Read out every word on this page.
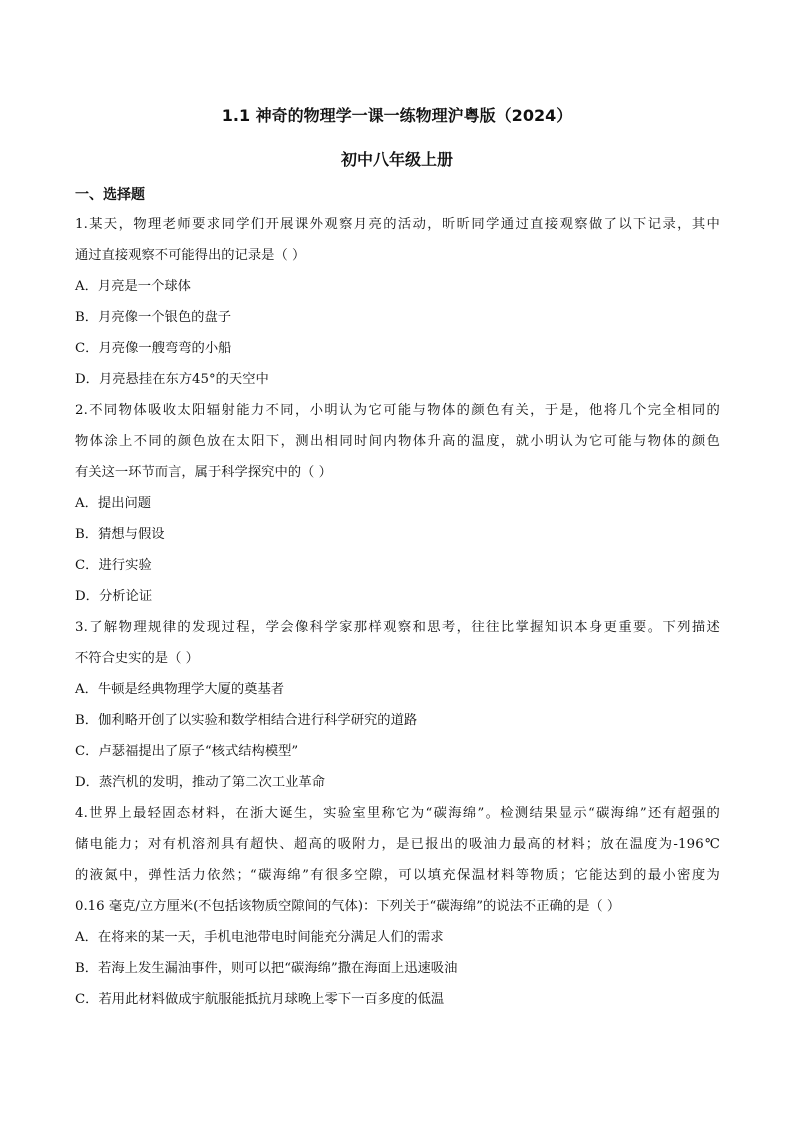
1.1 神奇的物理学一课一练物理沪粤版（2024）
初中八年级上册
一、选择题
1.某天，物理老师要求同学们开展课外观察月亮的活动，昕昕同学通过直接观察做了以下记录，其中
通过直接观察不可能得出的记录是（ ）
A．月亮是一个球体
B．月亮像一个银色的盘子
C．月亮像一艘弯弯的小船
D．月亮悬挂在东方45°的天空中
2.不同物体吸收太阳辐射能力不同，小明认为它可能与物体的颜色有关，于是，他将几个完全相同的
物体涂上不同的颜色放在太阳下，测出相同时间内物体升高的温度，就小明认为它可能与物体的颜色
有关这一环节而言，属于科学探究中的（ ）
A．提出问题
B．猜想与假设
C．进行实验
D．分析论证
3.了解物理规律的发现过程，学会像科学家那样观察和思考，往往比掌握知识本身更重要。下列描述
不符合史实的是（ ）
A．牛顿是经典物理学大厦的奠基者
B．伽利略开创了以实验和数学相结合进行科学研究的道路
C．卢瑟福提出了原子“核式结构模型”
D．蒸汽机的发明，推动了第二次工业革命
4.世界上最轻固态材料，在浙大诞生，实验室里称它为“碳海绵”。检测结果显示“碳海绵”还有超强的
储电能力；对有机溶剂具有超快、超高的吸附力，是已报出的吸油力最高的材料；放在温度为-196℃
的液氮中，弹性活力依然；“碳海绵”有很多空隙，可以填充保温材料等物质；它能达到的最小密度为
0.16 毫克/立方厘米(不包括该物质空隙间的气体)：下列关于“碳海绵”的说法不正确的是（ ）
A．在将来的某一天，手机电池带电时间能充分满足人们的需求
B．若海上发生漏油事件，则可以把“碳海绵”撒在海面上迅速吸油
C．若用此材料做成宇航服能抵抗月球晚上零下一百多度的低温
